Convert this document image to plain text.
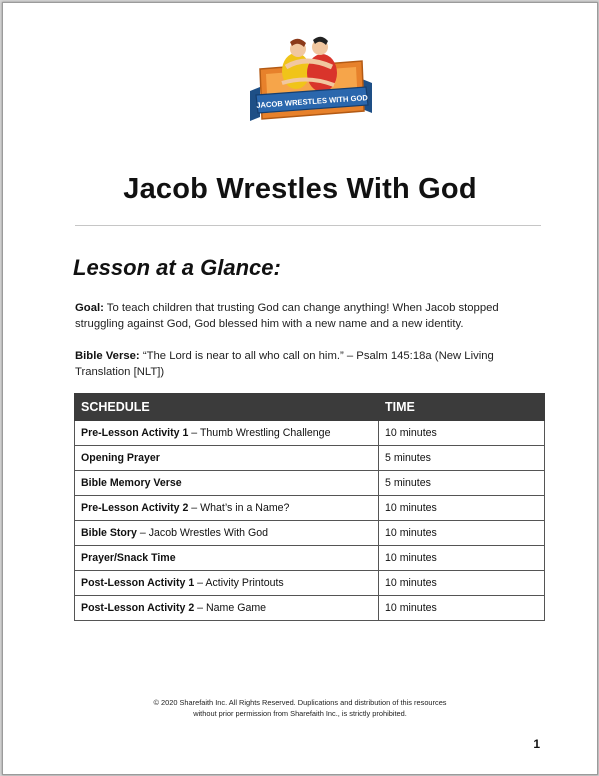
JACOB WRESTLES WITH GOD
Jacob Wrestles With God
Lesson at a Glance:
Goal: To teach children that trusting God can change anything! When Jacob stopped struggling against God, God blessed him with a new name and a new identity.
Bible Verse: “The Lord is near to all who call on him.” – Psalm 145:18a (New Living Translation [NLT])
SCHEDULE	TIME
Pre-Lesson Activity 1 – Thumb Wrestling Challenge	10 minutes
Opening Prayer	5 minutes
Bible Memory Verse	5 minutes
Pre-Lesson Activity 2 – What’s in a Name?	10 minutes
Bible Story – Jacob Wrestles With God	10 minutes
Prayer/Snack Time	10 minutes
Post-Lesson Activity 1 – Activity Printouts	10 minutes
Post-Lesson Activity 2 – Name Game	10 minutes
© 2020 Sharefaith Inc. All Rights Reserved. Duplications and distribution of this resources
without prior permission from Sharefaith Inc., is strictly prohibited.
1
